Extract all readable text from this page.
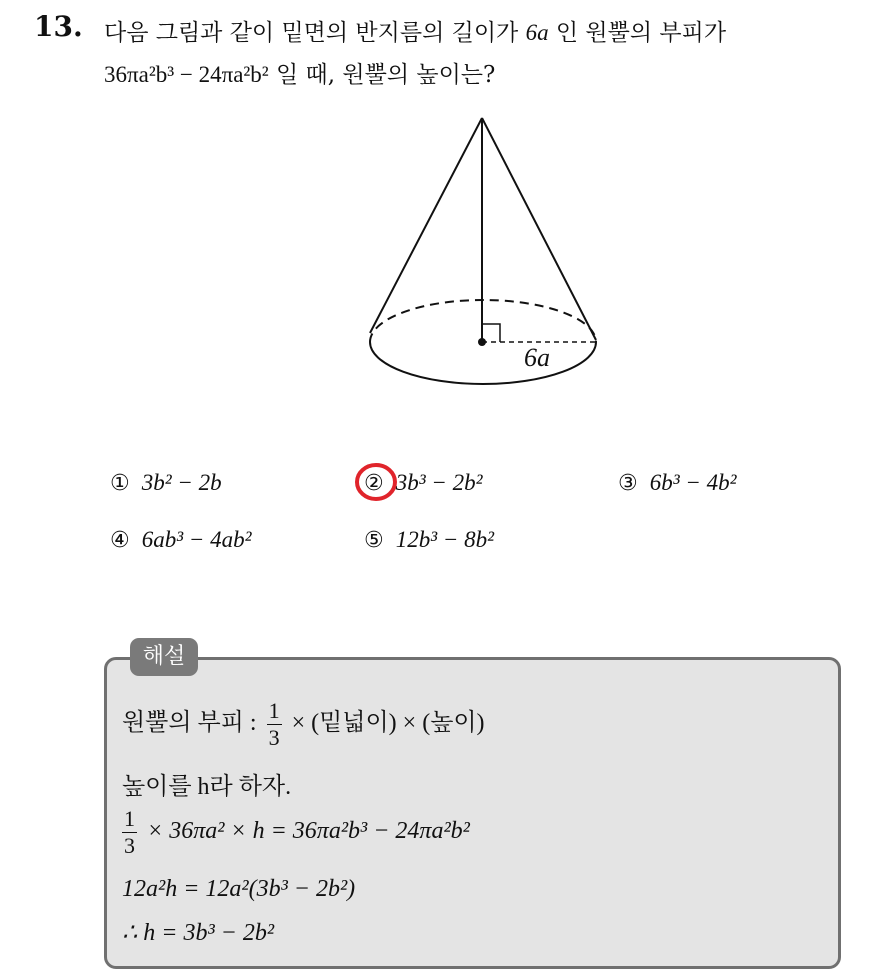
13. 다음 그림과 같이 밑면의 반지름의 길이가 6a 인 원뿔의 부피가
36πa²b³ − 24πa²b² 일 때, 원뿔의 높이는?
6a
① 3b² − 2b	② 3b³ − 2b²	③ 6b³ − 4b²
④ 6ab³ − 4ab²	⑤ 12b³ − 8b²
해설
원뿔의 부피 : $\frac{1}{3}$ × (밑넓이) × (높이)
높이를 h라 하자.
$\frac{1}{3} \times 36\pi a^2 \times h = 36\pi a^2b^3 - 24\pi a^2b^2$
12a²h = 12a²(3b³ − 2b²)
∴ h = 3b³ − 2b²
